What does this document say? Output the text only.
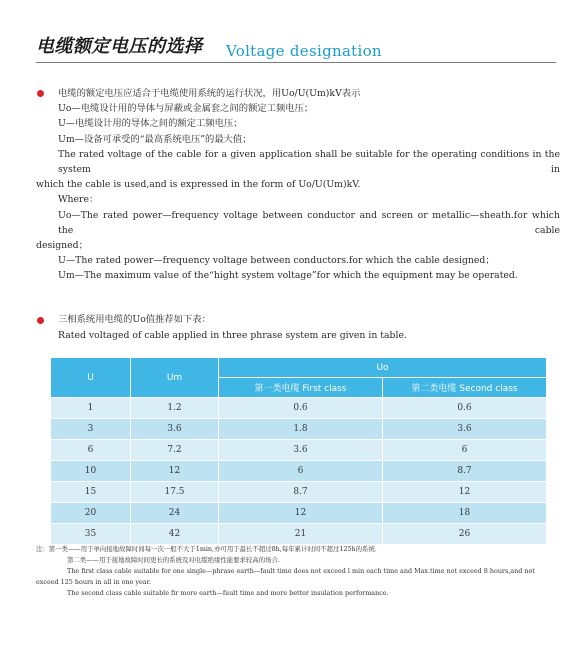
电缆额定电压的选择 Voltage designation

电缆的额定电压应适合于电缆使用系统的运行状况，用Uo/U(Um)kV表示

Uo—电缆设计用的导体与屏蔽或金属套之间的额定工频电压；

U—电缆设计用的导体之间的额定工频电压；

Um—设备可承受的“最高系统电压”的最大值；

The rated voltage of the cable for a given application shall be suitable for the operating conditions in the system in

which the cable is used,and is expressed in the form of Uo/U(Um)kV.

Where：

Uo—The rated power—frequency voltage between conductor and screen or metallic—sheath.for which the cable

designed；

U—The rated power—frequency voltage between conductors.for which the cable designed；

Um—The maximum value of the“hight system voltage”for which the equipment may be operated.

三相系统用电缆的Uo值推荐如下表：

Rated voltaged of cable applied in three phrase system are given in table.

U	Um	Uo	
		第一类电缆 First class	第二类电缆 Second class
1	1.2	0.6	0.6
3	3.6	1.8	3.6
6	7.2	3.6	6
10	12	6	8.7
15	17.5	8.7	12
20	24	12	18
35	42	21	26
注：第一类——用于单向接地故障时间每一次一般不大于1min,亦可用于最长不超过8h,每年累计时间不超过125h的系统.
第二类——用于接地故障时间更长的系统及对电缆绝缘性能要求较高的场合.
The first class cable suitable for one single—phrase earth—fault time does not exceed l min each time and Max.time not exceed 8 hours,and not
exceed 125 hours in all in one year.
The second class cable suitable fir more earth—fault time and more better insulation performance.
